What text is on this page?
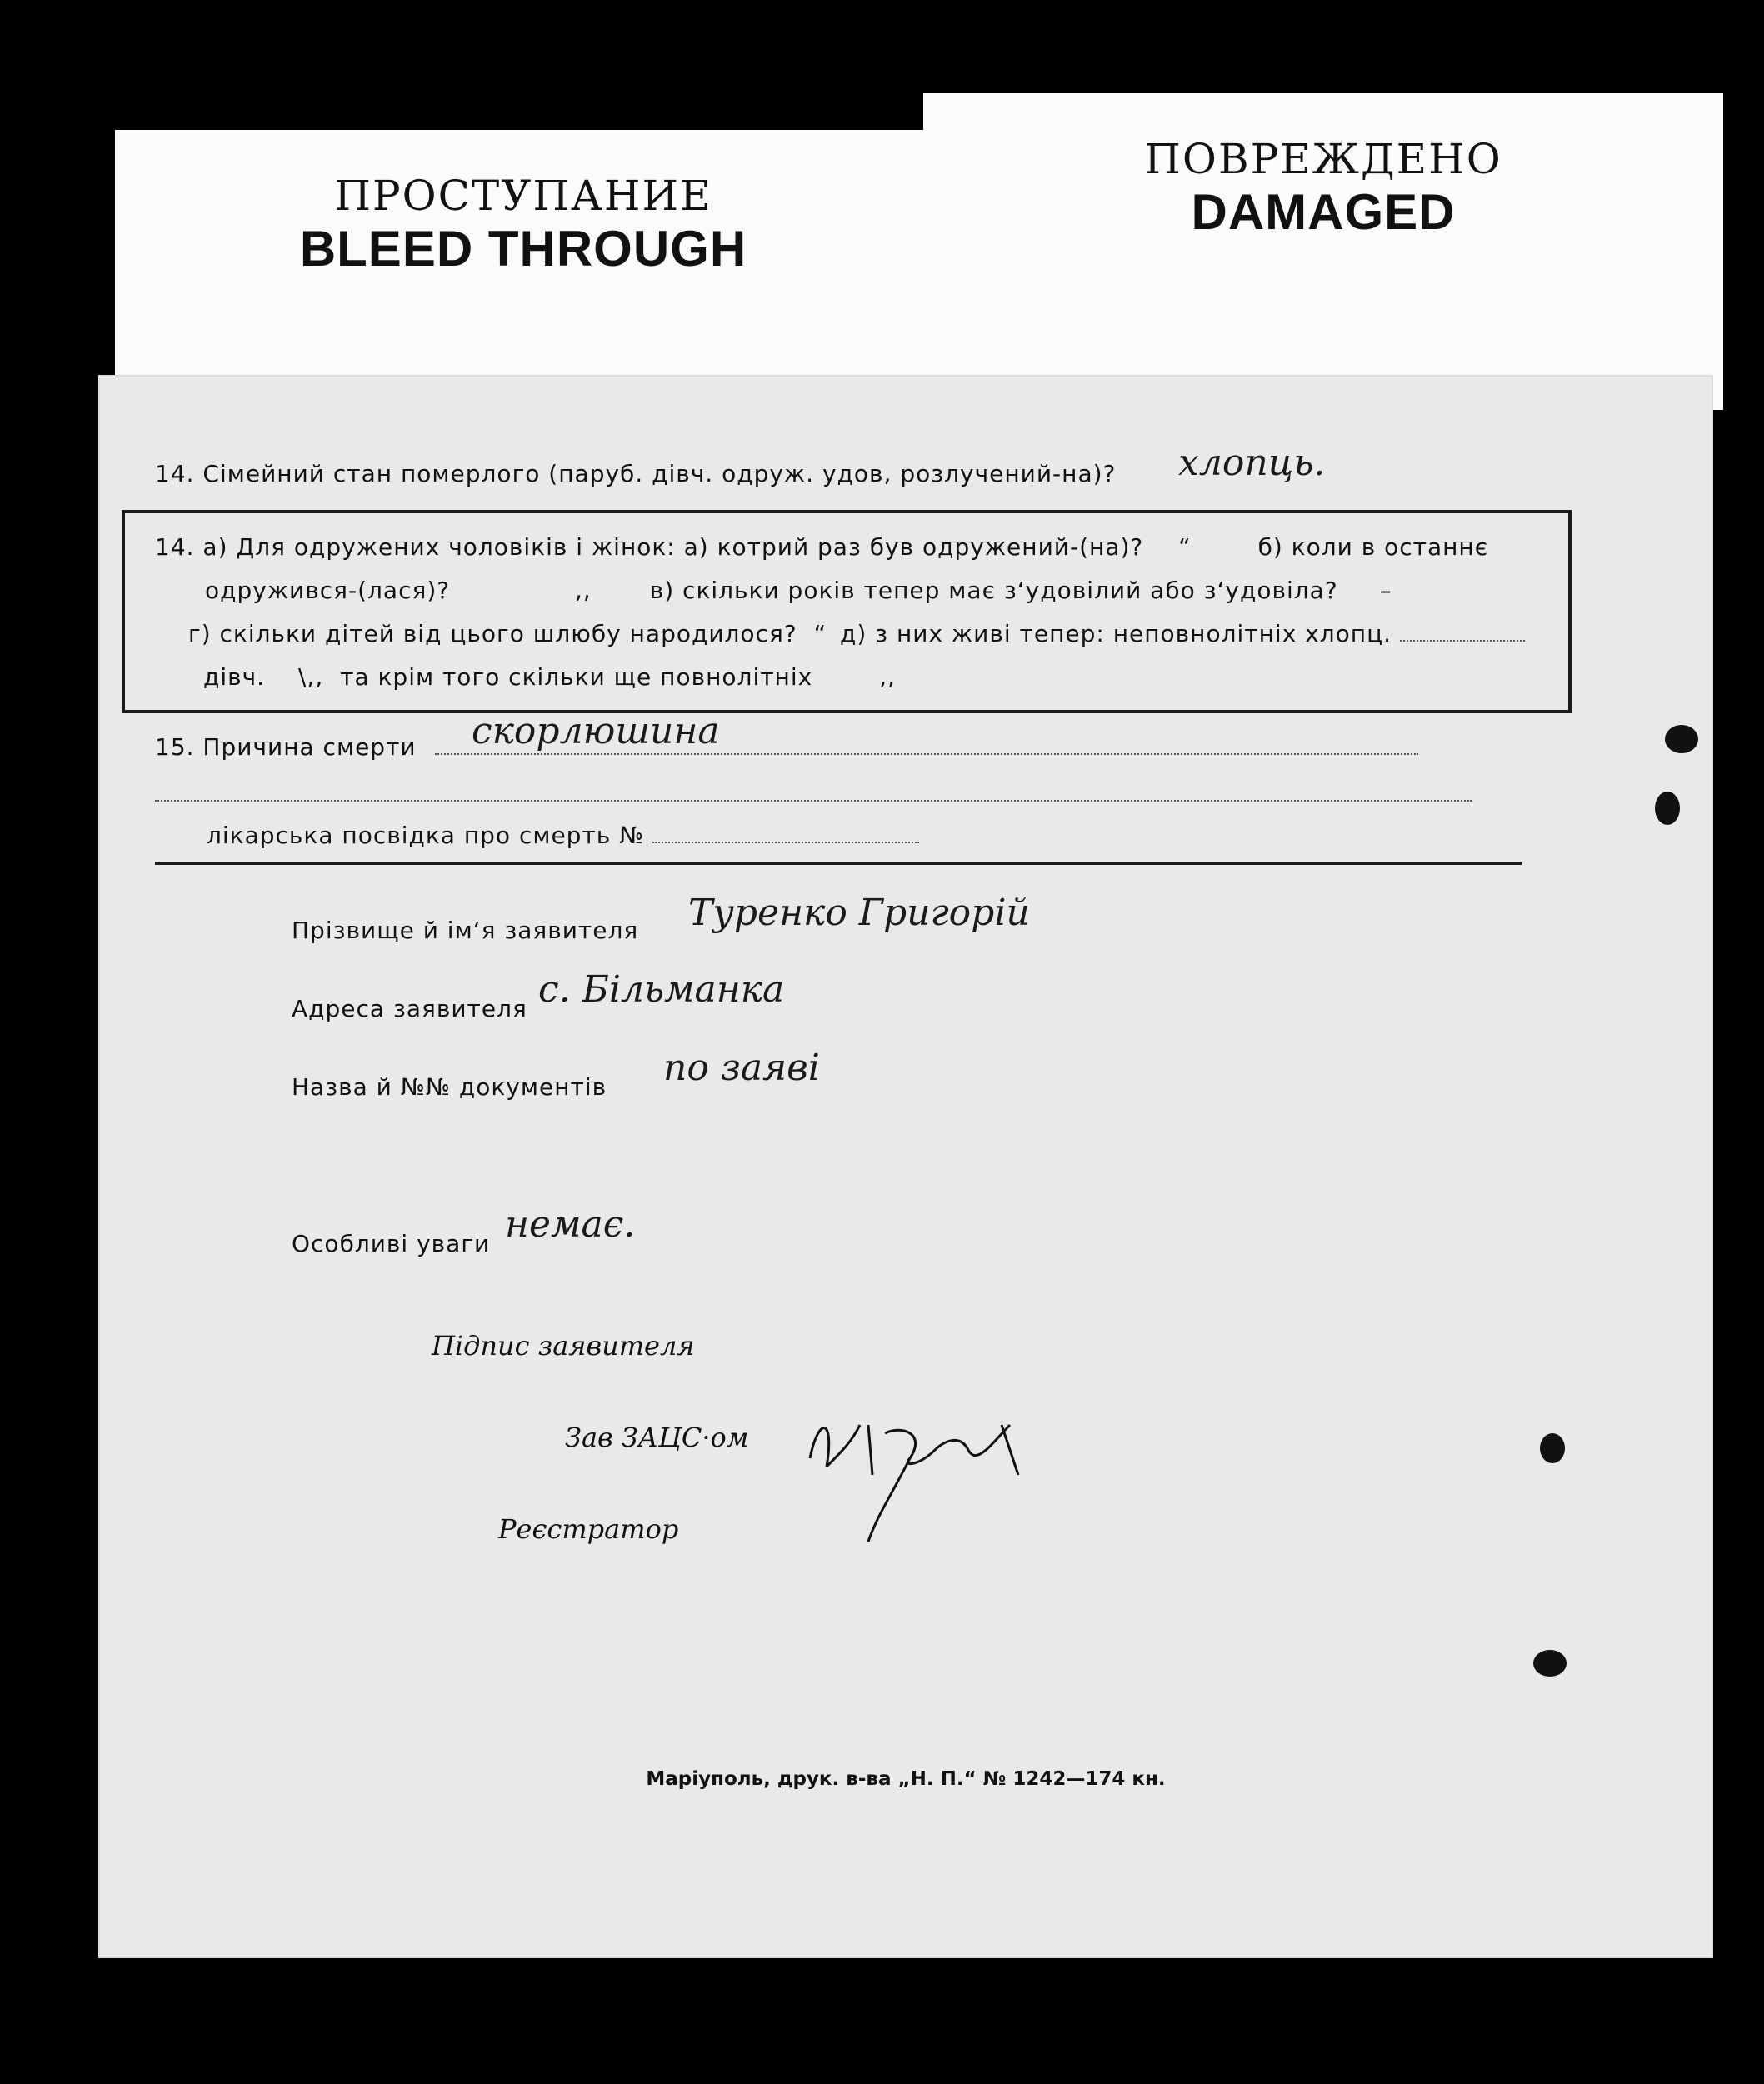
ПРОСТУПАНИЕ
BLEED THROUGH
ПОВРЕЖДЕНО
DAMAGED
14. Сімейний стан померлого (паруб. дівч. одруж. удов, розлучений-на)? хлопць.
14. а) Для одружених чоловіків і жінок: а) котрий раз був одружений-(на)? “	б) коли в останнє
одружився-(лася)?	,, в) скільки років тепер має з‘удовілий або з‘удовіла? –
г) скільки дітей від цього шлюбу народилося? “ д) з них живі тепер: неповнолітніх хлопц.
дівч. \,, та крім того скільки ще повнолітніх	,,
15. Причина смерти	скорлюшина
лікарська посвідка про смерть №
Прізвище й ім‘я заявителя Туренко Григорій
Адреса заявителя с. Бiльманка
Назва й №№ документів по заяві
Особливі уваги немає.
Підпис заявителя
Зав ЗАЦС·ом
Реєстратор
Маріуполь, друк. в-ва „Н. П.“ № 1242—174 кн.
